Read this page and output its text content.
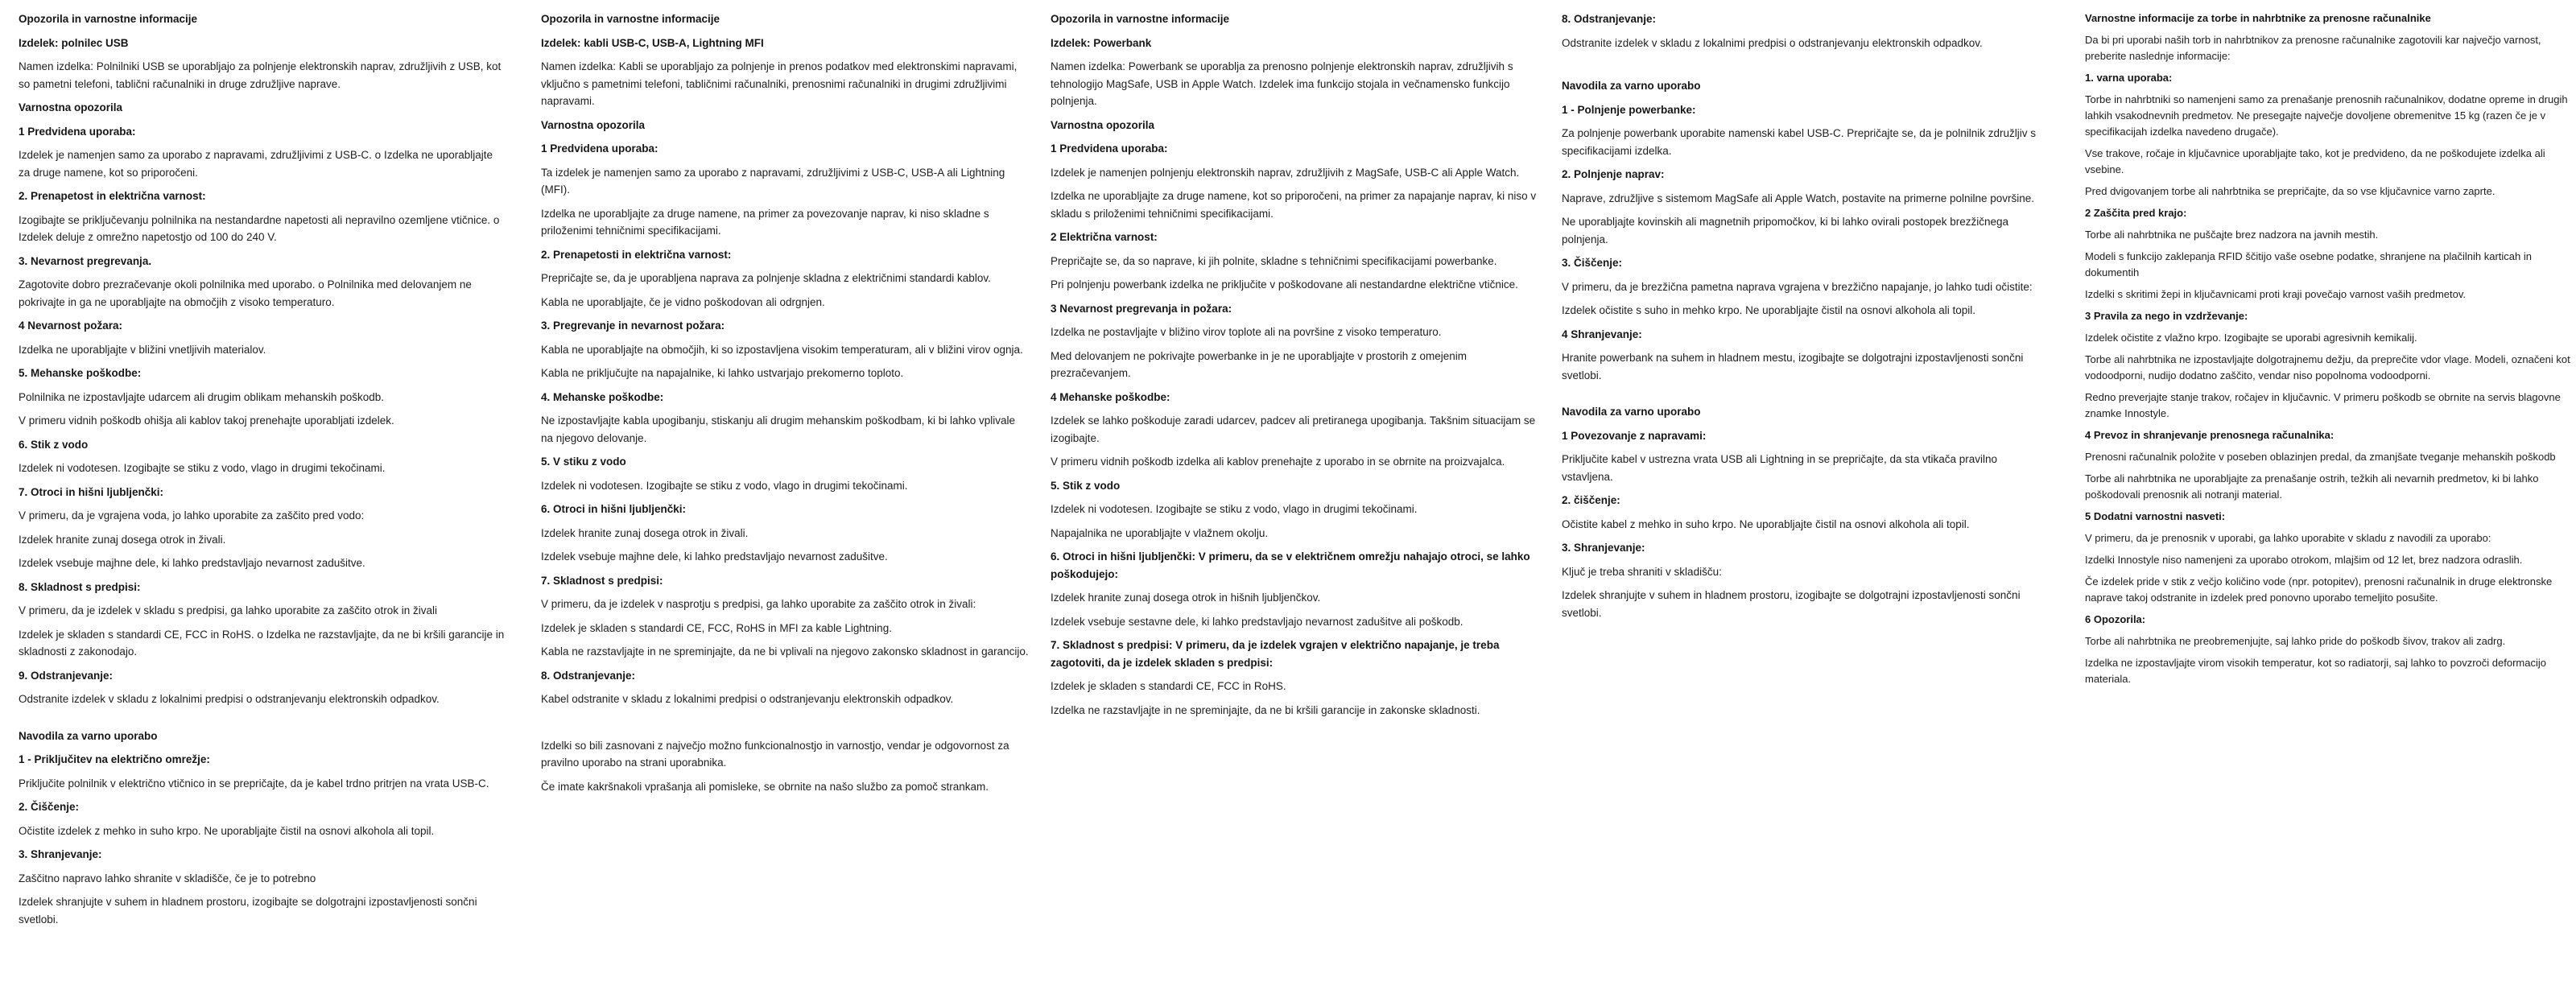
Opozorila in varnostne informacije
Izdelek: polnilec USB

Namen izdelka: Polnilniki USB se uporabljajo za polnjenje elektronskih naprav, združljivih z USB, kot so pametni telefoni, tablični računalniki in druge združljive naprave.

Varnostna opozorila
1 Predvidena uporaba:

Izdelek je namenjen samo za uporabo z napravami, združljivimi z USB-C. o Izdelka ne uporabljajte za druge namene, kot so priporočeni.

2. Prenapetost in električna varnost:

Izogibajte se priključevanju polnilnika na nestandardne napetosti ali nepravilno ozemljene vtičnice. o Izdelek deluje z omrežno napetostjo od 100 do 240 V.

3. Nevarnost pregrevanja.

Zagotovite dobro prezračevanje okoli polnilnika med uporabo. o Polnilnika med delovanjem ne pokrivajte in ga ne uporabljajte na območjih z visoko temperaturo.

4 Nevarnost požara:

Izdelka ne uporabljajte v bližini vnetljivih materialov.

5. Mehanske poškodbe:

Polnilnika ne izpostavljajte udarcem ali drugim oblikam mehanskih poškodb.

V primeru vidnih poškodb ohišja ali kablov takoj prenehajte uporabljati izdelek.

6. Stik z vodo

Izdelek ni vodotesen. Izogibajte se stiku z vodo, vlago in drugimi tekočinami.

7. Otroci in hišni ljubljenčki:

V primeru, da je vgrajena voda, jo lahko uporabite za zaščito pred vodo:

Izdelek hranite zunaj dosega otrok in živali.

Izdelek vsebuje majhne dele, ki lahko predstavljajo nevarnost zadušitve.

8. Skladnost s predpisi:

V primeru, da je izdelek v skladu s predpisi, ga lahko uporabite za zaščito otrok in živali

Izdelek je skladen s standardi CE, FCC in RoHS. o Izdelka ne razstavljajte, da ne bi kršili garancije in skladnosti z zakonodajo.

9. Odstranjevanje:

Odstranite izdelek v skladu z lokalnimi predpisi o odstranjevanju elektronskih odpadkov.

Navodila za varno uporabo
1 - Priključitev na električno omrežje:

Priključite polnilnik v električno vtičnico in se prepričajte, da je kabel trdno pritrjen na vrata USB-C.

2. Čiščenje:

Očistite izdelek z mehko in suho krpo. Ne uporabljajte čistil na osnovi alkohola ali topil.

3. Shranjevanje:

Zaščitno napravo lahko shranite v skladišče, če je to potrebno

Izdelek shranjujte v suhem in hladnem prostoru, izogibajte se dolgotrajni izpostavljenosti sončni svetlobi.

Opozorila in varnostne informacije
Izdelek: kabli USB-C, USB-A, Lightning MFI

Namen izdelka: Kabli se uporabljajo za polnjenje in prenos podatkov med elektronskimi napravami, vključno s pametnimi telefoni, tabličnimi računalniki, prenosnimi računalniki in drugimi združljivimi napravami.

Varnostna opozorila
1 Predvidena uporaba:

Ta izdelek je namenjen samo za uporabo z napravami, združljivimi z USB-C, USB-A ali Lightning (MFI).

Izdelka ne uporabljajte za druge namene, na primer za povezovanje naprav, ki niso skladne s priloženimi tehničnimi specifikacijami.

2. Prenapetosti in električna varnost:

Prepričajte se, da je uporabljena naprava za polnjenje skladna z električnimi standardi kablov.

Kabla ne uporabljajte, če je vidno poškodovan ali odrgnjen.

3. Pregrevanje in nevarnost požara:

Kabla ne uporabljajte na območjih, ki so izpostavljena visokim temperaturam, ali v bližini virov ognja.

Kabla ne priključujte na napajalnike, ki lahko ustvarjajo prekomerno toploto.

4. Mehanske poškodbe:

Ne izpostavljajte kabla upogibanju, stiskanju ali drugim mehanskim poškodbam, ki bi lahko vplivale na njegovo delovanje.

5. V stiku z vodo

Izdelek ni vodotesen. Izogibajte se stiku z vodo, vlago in drugimi tekočinami.

6. Otroci in hišni ljubljenčki:

Izdelek hranite zunaj dosega otrok in živali.

Izdelek vsebuje majhne dele, ki lahko predstavljajo nevarnost zadušitve.

7. Skladnost s predpisi:

V primeru, da je izdelek v nasprotju s predpisi, ga lahko uporabite za zaščito otrok in živali:

Izdelek je skladen s standardi CE, FCC, RoHS in MFI za kable Lightning.

Kabla ne razstavljajte in ne spreminjajte, da ne bi vplivali na njegovo zakonsko skladnost in garancijo.

8. Odstranjevanje:

Kabel odstranite v skladu z lokalnimi predpisi o odstranjevanju elektronskih odpadkov.

Izdelki so bili zasnovani z največjo možno funkcionalnostjo in varnostjo, vendar je odgovornost za pravilno uporabo na strani uporabnika.

Če imate kakršnakoli vprašanja ali pomisleke, se obrnite na našo službo za pomoč strankam.

Opozorila in varnostne informacije
Izdelek: Powerbank

Namen izdelka: Powerbank se uporablja za prenosno polnjenje elektronskih naprav, združljivih s tehnologijo MagSafe, USB in Apple Watch. Izdelek ima funkcijo stojala in večnamensko funkcijo polnjenja.

Varnostna opozorila
1 Predvidena uporaba:

Izdelek je namenjen polnjenju elektronskih naprav, združljivih z MagSafe, USB-C ali Apple Watch.

Izdelka ne uporabljajte za druge namene, kot so priporočeni, na primer za napajanje naprav, ki niso v skladu s priloženimi tehničnimi specifikacijami.

2 Električna varnost:

Prepričajte se, da so naprave, ki jih polnite, skladne s tehničnimi specifikacijami powerbanke.

Pri polnjenju powerbank izdelka ne priključite v poškodovane ali nestandardne električne vtičnice.

3 Nevarnost pregrevanja in požara:

Izdelka ne postavljajte v bližino virov toplote ali na površine z visoko temperaturo.

Med delovanjem ne pokrivajte powerbanke in je ne uporabljajte v prostorih z omejenim prezračevanjem.

4 Mehanske poškodbe:

Izdelek se lahko poškoduje zaradi udarcev, padcev ali pretiranega upogibanja. Takšnim situacijam se izogibajte.

V primeru vidnih poškodb izdelka ali kablov prenehajte z uporabo in se obrnite na proizvajalca.

5. Stik z vodo

Izdelek ni vodotesen. Izogibajte se stiku z vodo, vlago in drugimi tekočinami.

Napajalnika ne uporabljajte v vlažnem okolju.

6. Otroci in hišni ljubljenčki: V primeru, da se v električnem omrežju nahajajo otroci, se lahko poškodujejo:

Izdelek hranite zunaj dosega otrok in hišnih ljubljenčkov.

Izdelek vsebuje sestavne dele, ki lahko predstavljajo nevarnost zadušitve ali poškodb.

7. Skladnost s predpisi: V primeru, da je izdelek vgrajen v električno napajanje, je treba zagotoviti, da je izdelek skladen s predpisi:

Izdelek je skladen s standardi CE, FCC in RoHS.

Izdelka ne razstavljajte in ne spreminjajte, da ne bi kršili garancije in zakonske skladnosti.

8. Odstranjevanje:

Odstranite izdelek v skladu z lokalnimi predpisi o odstranjevanju elektronskih odpadkov.

Navodila za varno uporabo
1 - Polnjenje powerbanke:

Za polnjenje powerbank uporabite namenski kabel USB-C. Prepričajte se, da je polnilnik združljiv s specifikacijami izdelka.

2. Polnjenje naprav:

Naprave, združljive s sistemom MagSafe ali Apple Watch, postavite na primerne polnilne površine.

Ne uporabljajte kovinskih ali magnetnih pripomočkov, ki bi lahko ovirali postopek brezžičnega polnjenja.

3. Čiščenje:

V primeru, da je brezžična pametna naprava vgrajena v brezžično napajanje, jo lahko tudi očistite:

Izdelek očistite s suho in mehko krpo. Ne uporabljajte čistil na osnovi alkohola ali topil.

4 Shranjevanje:

Hranite powerbank na suhem in hladnem mestu, izogibajte se dolgotrajni izpostavljenosti sončni svetlobi.

Navodila za varno uporabo
1 Povezovanje z napravami:

Priključite kabel v ustrezna vrata USB ali Lightning in se prepričajte, da sta vtikača pravilno vstavljena.

2. čiščenje:

Očistite kabel z mehko in suho krpo. Ne uporabljajte čistil na osnovi alkohola ali topil.

3. Shranjevanje:

Ključ je treba shraniti v skladišču:

Izdelek shranjujte v suhem in hladnem prostoru, izogibajte se dolgotrajni izpostavljenosti sončni svetlobi.

Varnostne informacije za torbe in nahrbtnike za prenosne računalnike

Da bi pri uporabi naših torb in nahrbtnikov za prenosne računalnike zagotovili kar največjo varnost, preberite naslednje informacije:

1. varna uporaba:

Torbe in nahrbtniki so namenjeni samo za prenašanje prenosnih računalnikov, dodatne opreme in drugih lahkih vsakodnevnih predmetov. Ne presegajte največje dovoljene obremenitve 15 kg (razen če je v specifikacijah izdelka navedeno drugače).

Vse trakove, ročaje in ključavnice uporabljajte tako, kot je predvideno, da ne poškodujete izdelka ali vsebine.

Pred dvigovanjem torbe ali nahrbtnika se prepričajte, da so vse ključavnice varno zaprte.

2 Zaščita pred krajo:

Torbe ali nahrbtnika ne puščajte brez nadzora na javnih mestih.

Modeli s funkcijo zaklepanja RFID ščitijo vaše osebne podatke, shranjene na plačilnih karticah in dokumentih

Izdelki s skritimi žepi in ključavnicami proti kraji povečajo varnost vaših predmetov.

3 Pravila za nego in vzdrževanje:

Izdelek očistite z vlažno krpo. Izogibajte se uporabi agresivnih kemikalij.

Torbe ali nahrbtnika ne izpostavljajte dolgotrajnemu dežju, da preprečite vdor vlage. Modeli, označeni kot vodoodporni, nudijo dodatno zaščito, vendar niso popolnoma vodoodporni.

Redno preverjajte stanje trakov, ročajev in ključavnic. V primeru poškodb se obrnite na servis blagovne znamke Innostyle.

4 Prevoz in shranjevanje prenosnega računalnika:

Prenosni računalnik položite v poseben oblazinjen predal, da zmanjšate tveganje mehanskih poškodb

Torbe ali nahrbtnika ne uporabljajte za prenašanje ostrih, težkih ali nevarnih predmetov, ki bi lahko poškodovali prenosnik ali notranji material.

5 Dodatni varnostni nasveti:

V primeru, da je prenosnik v uporabi, ga lahko uporabite v skladu z navodili za uporabo:

Izdelki Innostyle niso namenjeni za uporabo otrokom, mlajšim od 12 let, brez nadzora odraslih.

Če izdelek pride v stik z večjo količino vode (npr. potopitev), prenosni računalnik in druge elektronske naprave takoj odstranite in izdelek pred ponovno uporabo temeljito posušite.

6 Opozorila:

Torbe ali nahrbtnika ne preobremenjujte, saj lahko pride do poškodb šivov, trakov ali zadrg.

Izdelka ne izpostavljajte virom visokih temperatur, kot so radiatorji, saj lahko to povzroči deformacijo materiala.
